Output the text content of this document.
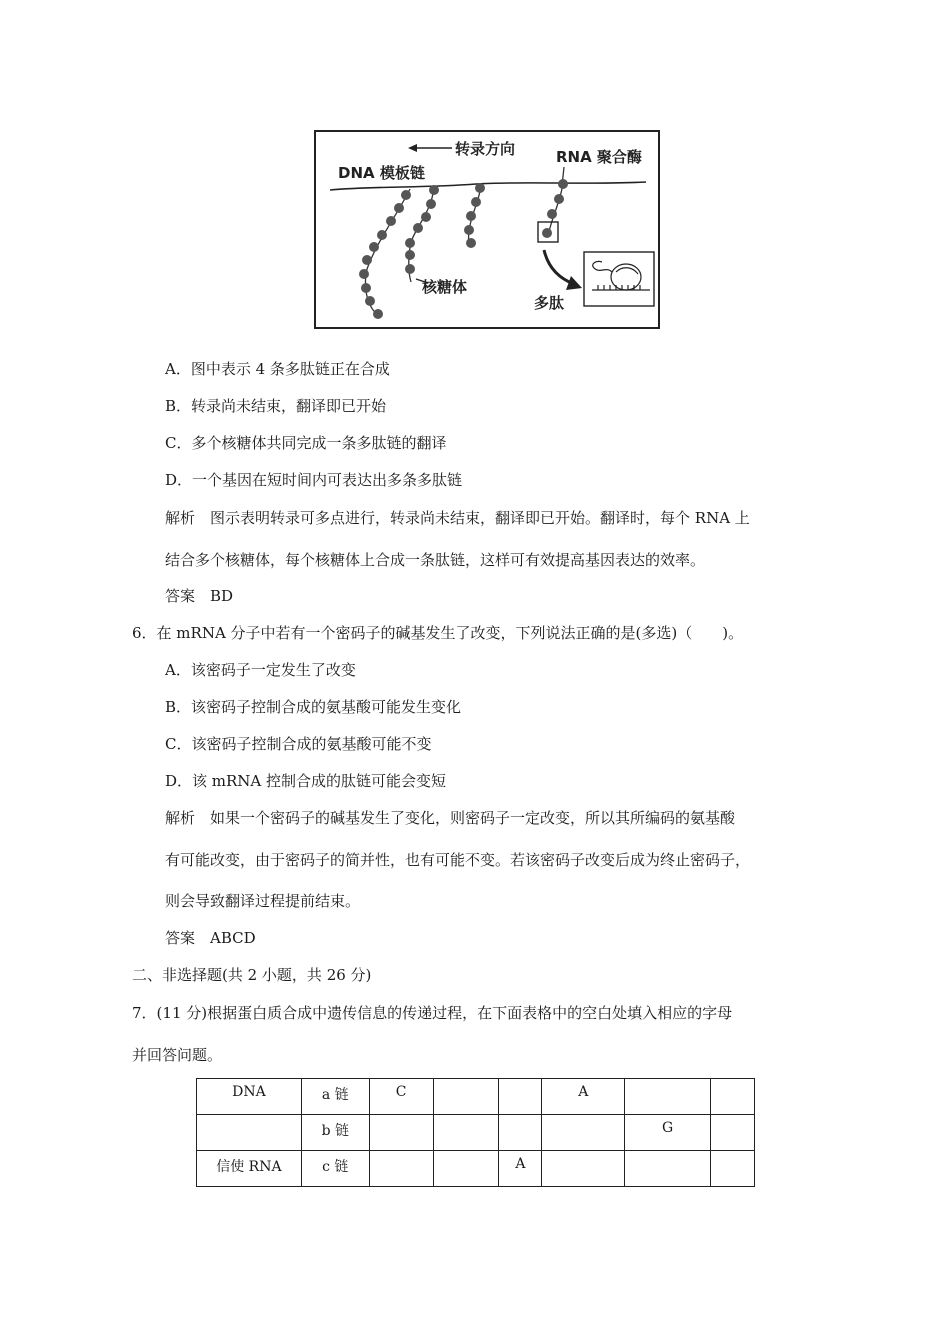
转录方向
DNA 模板链
RNA 聚合酶
核糖体
多肽
A．图中表示 4 条多肽链正在合成
B．转录尚未结束，翻译即已开始
C．多个核糖体共同完成一条多肽链的翻译
D．一个基因在短时间内可表达出多条多肽链
解析　图示表明转录可多点进行，转录尚未结束，翻译即已开始。翻译时，每个 RNA 上
结合多个核糖体，每个核糖体上合成一条肽链，这样可有效提高基因表达的效率。
答案　BD
6．在 mRNA 分子中若有一个密码子的碱基发生了改变，下列说法正确的是(多选)（　　)。
A．该密码子一定发生了改变
B．该密码子控制合成的氨基酸可能发生变化
C．该密码子控制合成的氨基酸可能不变
D．该 mRNA 控制合成的肽链可能会变短
解析　如果一个密码子的碱基发生了变化，则密码子一定改变，所以其所编码的氨基酸
有可能改变，由于密码子的简并性，也有可能不变。若该密码子改变后成为终止密码子，
则会导致翻译过程提前结束。
答案　ABCD
二、非选择题(共 2 小题，共 26 分)
7．(11 分)根据蛋白质合成中遗传信息的传递过程，在下面表格中的空白处填入相应的字母
并回答问题。
DNA	a 链	C			A		
	b 链					G	
信使 RNA	c 链			A			
